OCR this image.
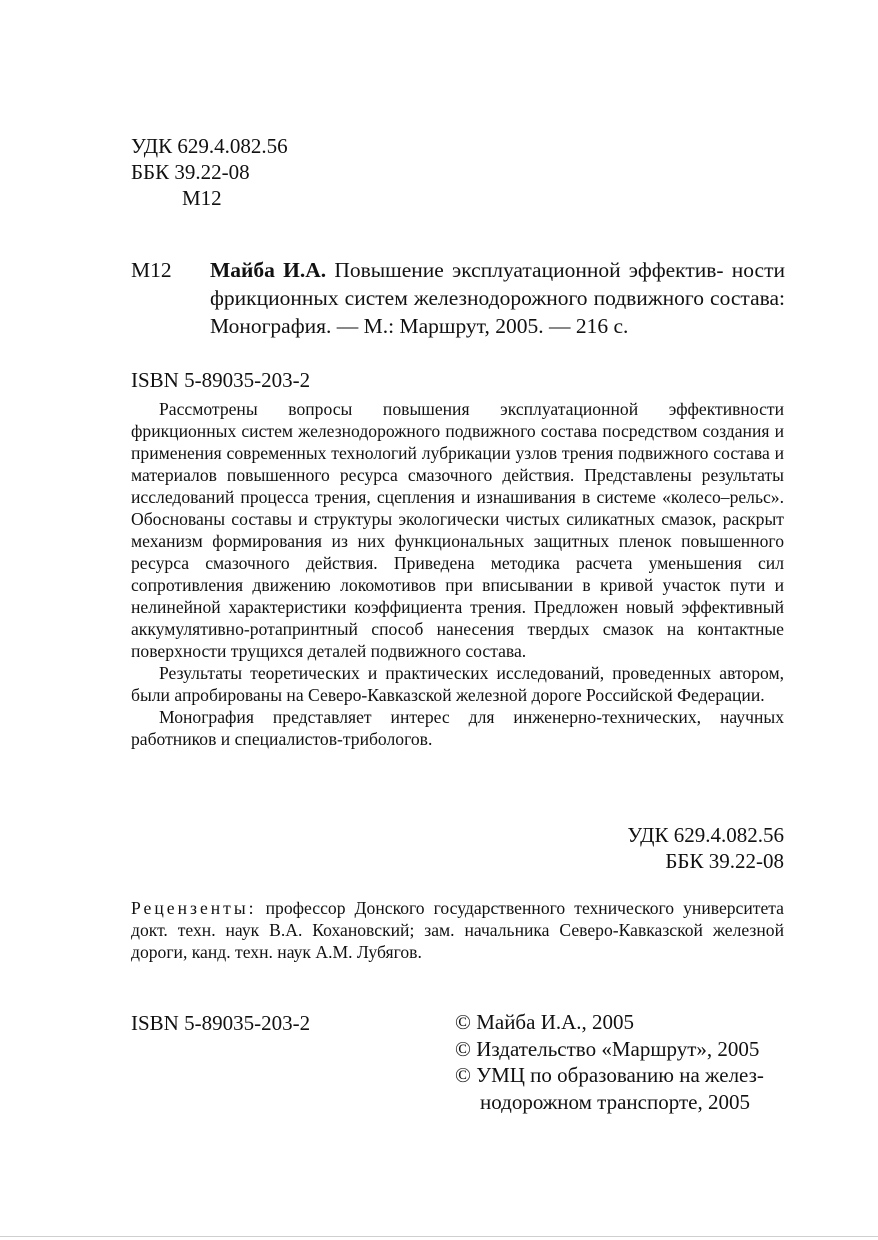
УДК 629.4.082.56
ББК 39.22-08
М12
М12 Майба И.А. Повышение эксплуатационной эффектив- ности фрикционных систем железнодорожного подвижного состава: Монография. — М.: Маршрут, 2005. — 216 с.
ISBN 5-89035-203-2

Рассмотрены вопросы повышения эксплуатационной эффективности фрикционных систем железнодорожного подвижного состава посредством создания и применения современных технологий лубрикации узлов трения подвижного состава и материалов повышенного ресурса смазочного действия. Представлены результаты исследований процесса трения, сцепления и изнашивания в системе «колесо–рельс». Обоснованы составы и структуры экологически чистых силикатных смазок, раскрыт механизм формирования из них функциональных защитных пленок повышенного ресурса смазочного действия. Приведена методика расчета уменьшения сил сопротивления движению локомотивов при вписывании в кривой участок пути и нелинейной характеристики коэффициента трения. Предложен новый эффективный аккумулятивно-ротапринтный способ нанесения твердых смазок на контактные поверхности трущихся деталей подвижного состава.

Результаты теоретических и практических исследований, проведенных автором, были апробированы на Северо-Кавказской железной дороге Российской Федерации.

Монография представляет интерес для инженерно-технических, научных работников и специалистов-трибологов.

УДК 629.4.082.56
ББК 39.22-08
Рецензенты: профессор Донского государственного технического университета докт. техн. наук В.А. Кохановский; зам. начальника Северо-Кавказской железной дороги, канд. техн. наук А.М. Лубягов.
ISBN 5-89035-203-2	© Майба И.А., 2005
© Издательство «Маршрут», 2005
© УМЦ по образованию на желез-
нодорожном транспорте, 2005
